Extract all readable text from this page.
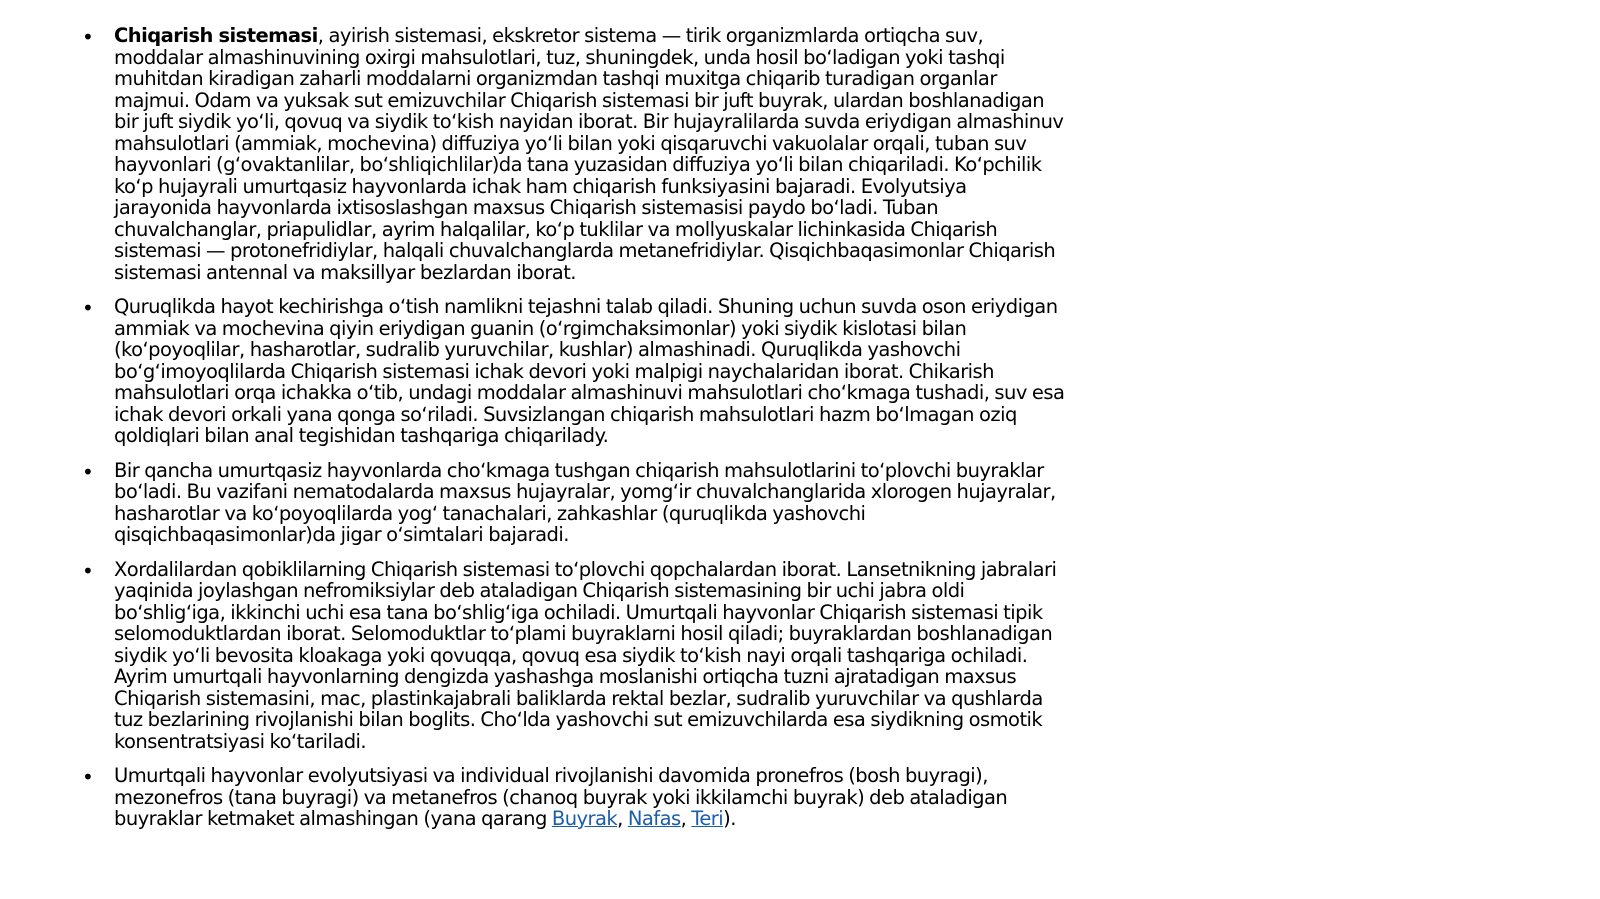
• Chiqarish sistemasi, ayirish sistemasi, ekskretor sistema — tirik organizmlarda ortiqcha suv, moddalar almashinuvining oxirgi mahsulotlari, tuz, shuningdek, unda hosil boʻladigan yoki tashqi muhitdan kiradigan zaharli moddalarni organizmdan tashqi muxitga chiqarib turadigan organlar majmui. Odam va yuksak sut emizuvchilar Chiqarish sistemasi bir juft buyrak, ulardan boshlanadigan bir juft siydik yoʻli, qovuq va siydik toʻkish nayidan iborat. Bir hujayralilarda suvda eriydigan almashinuv mahsulotlari (ammiak, mochevina) diffuziya yoʻli bilan yoki qisqaruvchi vakuolalar orqali, tuban suv hayvonlari (gʻovaktanlilar, boʻshliqichlilar)da tana yuzasidan diffuziya yoʻli bilan chiqariladi. Koʻpchilik koʻp hujayrali umurtqasiz hayvonlarda ichak ham chiqarish funksiyasini bajaradi. Evolyutsiya jarayonida hayvonlarda ixtisoslashgan maxsus Chiqarish sistemasisi paydo boʻladi. Tuban chuvalchanglar, priapulidlar, ayrim halqalilar, koʻp tuklilar va mollyuskalar lichinkasida Chiqarish sistemasi — protonefridiylar, halqali chuvalchanglarda metanefridiylar. Qisqichbaqasimonlar Chiqarish sistemasi antennal va maksillyar bezlardan iborat.
• Quruqlikda hayot kechirishga oʻtish namlikni tejashni talab qiladi. Shuning uchun suvda oson eriydigan ammiak va mochevina qiyin eriydigan guanin (oʻrgimchaksimonlar) yoki siydik kislotasi bilan (koʻpoyoqlilar, hasharotlar, sudralib yuruvchilar, kushlar) almashinadi. Quruqlikda yashovchi boʻgʻimoyoqlilarda Chiqarish sistemasi ichak devori yoki malpigi naychalaridan iborat. Chikarish mahsulotlari orqa ichakka oʻtib, undagi moddalar almashinuvi mahsulotlari choʻkmaga tushadi, suv esa ichak devori orkali yana qonga soʻriladi. Suvsizlangan chiqarish mahsulotlari hazm boʻlmagan oziq qoldiqlari bilan anal tegishidan tashqariga chiqarilady.
• Bir qancha umurtqasiz hayvonlarda choʻkmaga tushgan chiqarish mahsulotlarini toʻplovchi buyraklar boʻladi. Bu vazifani nematodalarda maxsus hujayralar, yomgʻir chuvalchanglarida xlorogen hujayralar, hasharotlar va koʻpoyoqlilarda yogʻ tanachalari, zahkashlar (quruqlikda yashovchi qisqichbaqasimonlar)da jigar oʻsimtalari bajaradi.
• Xordalilardan qobiklilarning Chiqarish sistemasi toʻplovchi qopchalardan iborat. Lansetnikning jabralari yaqinida joylashgan nefromiksiylar deb ataladigan Chiqarish sistemasining bir uchi jabra oldi boʻshligʻiga, ikkinchi uchi esa tana boʻshligʻiga ochiladi. Umurtqali hayvonlar Chiqarish sistemasi tipik selomoduktlardan iborat. Selomoduktlar toʻplami buyraklarni hosil qiladi; buyraklardan boshlanadigan siydik yoʻli bevosita kloakaga yoki qovuqqa, qovuq esa siydik toʻkish nayi orqali tashqariga ochiladi. Ayrim umurtqali hayvonlarning dengizda yashashga moslanishi ortiqcha tuzni ajratadigan maxsus Chiqarish sistemasini, mac, plastinkajabrali baliklarda rektal bezlar, sudralib yuruvchilar va qushlarda tuz bezlarining rivojlanishi bilan boglits. Choʻlda yashovchi sut emizuvchilarda esa siydikning osmotik konsentratsiyasi koʻtariladi.
• Umurtqali hayvonlar evolyutsiyasi va individual rivojlanishi davomida pronefros (bosh buyragi), mezonefros (tana buyragi) va metanefros (chanoq buyrak yoki ikkilamchi buyrak) deb ataladigan buyraklar ketmaket almashingan (yana qarang Buyrak, Nafas, Teri).
